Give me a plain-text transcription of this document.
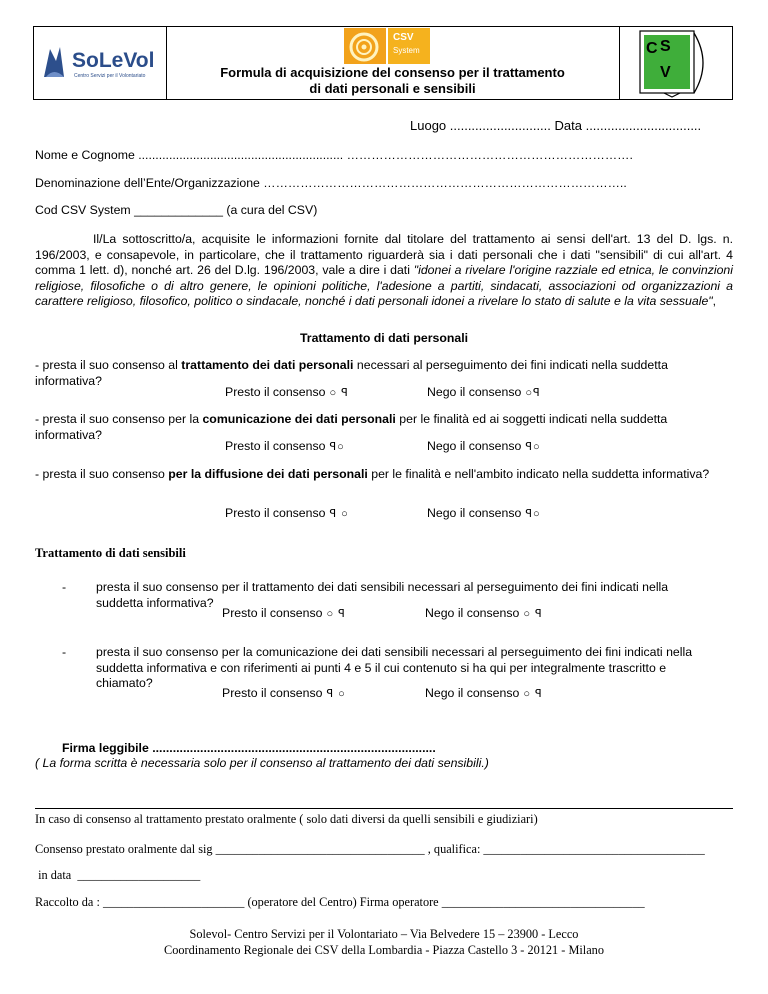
SoLeVol
Centro Servizi per il Volontariato
CSV
System
Formula di acquisizione del consenso per il trattamento
di dati personali e sensibili
C S
V
Luogo ............................ Data ................................
Nome e Cognome ............................................................ …………………………………………………………….
Denominazione dell’Ente/Organizzazione ……………………………………………………………………………..
Cod CSV System _____________ (a cura del CSV)
Il/La sottoscritto/a, acquisite le informazioni fornite dal titolare del trattamento ai sensi dell'art. 13 del D. lgs. n. 196/2003, e consapevole, in particolare, che il trattamento riguarderà sia i dati personali che i dati "sensibili" di cui all'art. 4 comma 1 lett. d), nonché art. 26 del D.lg. 196/2003, vale a dire i dati "idonei a rivelare l'origine razziale ed etnica, le convinzioni religiose, filosofiche o di altro genere, le opinioni politiche, l'adesione a partiti, sindacati, associazioni od organizzazioni a carattere religioso, filosofico, politico o sindacale, nonché i dati personali idonei a rivelare lo stato di salute e la vita sessuale",
Trattamento di dati personali
- presta il suo consenso al trattamento dei dati personali necessari al perseguimento dei fini indicati nella suddetta informativa?
Presto il consenso ○ ꟼ	Nego il consenso ○ꟼ
- presta il suo consenso per la comunicazione dei dati personali per le finalità ed ai soggetti indicati nella suddetta informativa?
Presto il consenso ꟼ○	Nego il consenso ꟼ○
- presta il suo consenso per la diffusione dei dati personali per le finalità e nell'ambito indicato nella suddetta informativa?
Presto il consenso ꟼ ○	Nego il consenso ꟼ○
Trattamento di dati sensibili
- presta il suo consenso per il trattamento dei dati sensibili necessari al perseguimento dei fini indicati nella suddetta informativa?
Presto il consenso ○ ꟼ	Nego il consenso ○ ꟼ
- presta il suo consenso per la comunicazione dei dati sensibili necessari al perseguimento dei fini indicati nella suddetta informativa e con riferimenti ai punti 4 e 5 il cui contenuto si ha qui per integralmente trascritto e chiamato?
Presto il consenso ꟼ ○	Nego il consenso ○ ꟼ
Firma leggibile ...................................................................................
( La forma scritta è necessaria solo per il consenso al trattamento dei dati sensibili.)
In caso di consenso al trattamento prestato oralmente ( solo dati diversi da quelli sensibili e giudiziari)
Consenso prestato oralmente dal sig __________________________________ , qualifica: ____________________________________
in data  ____________________
Raccolto da : _______________________ (operatore del Centro) Firma operatore _________________________________
Solevol- Centro Servizi per il Volontariato – Via Belvedere 15 – 23900 - Lecco
Coordinamento Regionale dei CSV della Lombardia - Piazza Castello 3 - 20121 - Milano
